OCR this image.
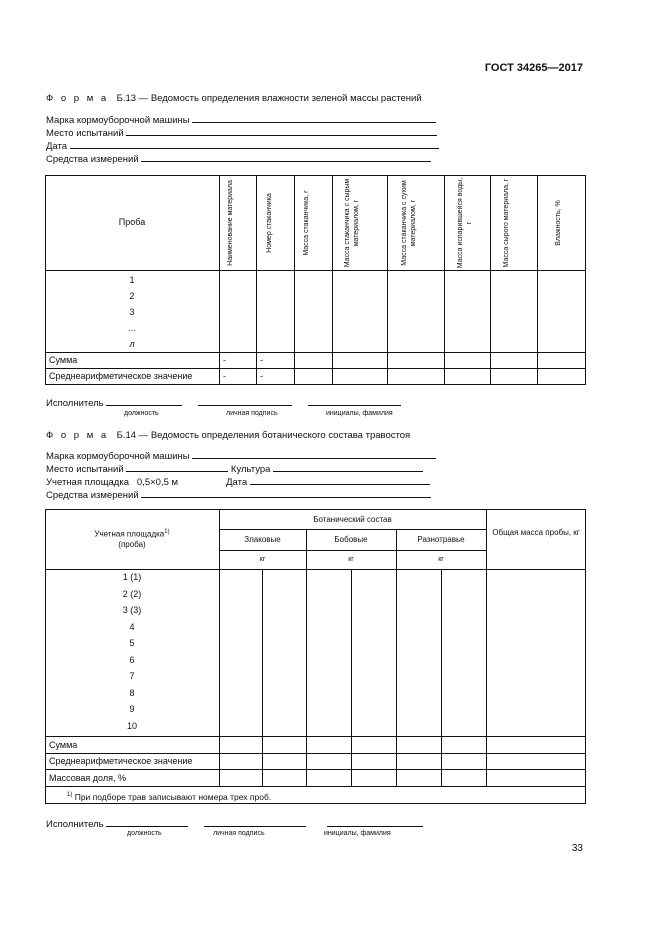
ГОСТ 34265—2017
Ф о р м а Б.13 — Ведомость определения влажности зеленой массы растений
Марка кормоуборочной машины
Место испытаний
Дата
Средства измерений
Проба	Наименование материала	Номер стаканчика	Масса стаканчика, г	Масса стаканчика с сырым материалом, г	Масса стаканчика с сухим материалом, г	Масса испарившейся воды, г	Масса сырого материала, г	Влажность, %
1
2
3
…
л
Сумма	-	-
Среднеарифметическое значение	-	-
Исполнитель
должность	личная подпись	инициалы, фамилия
Ф о р м а Б.14 — Ведомость определения ботанического состава травостоя
Марка кормоуборочной машины
Место испытаний	Культура
Учетная площадка 0,5×0,5 м	Дата
Средства измерений
Учетная площадка$^{1)}$
(проба)
Ботанический состав
Злаковые	Бобовые	Разнотравье
кг	кг	кг
Общая масса пробы, кг
1 (1)
2 (2)
3 (3)
4
5
6
7
8
9
10
Сумма
Среднеарифметическое значение
Массовая доля, %
$^{1)}$ При подборе трав записывают номера трех проб.
Исполнитель
должность	личная подпись	инициалы, фамилия
33
